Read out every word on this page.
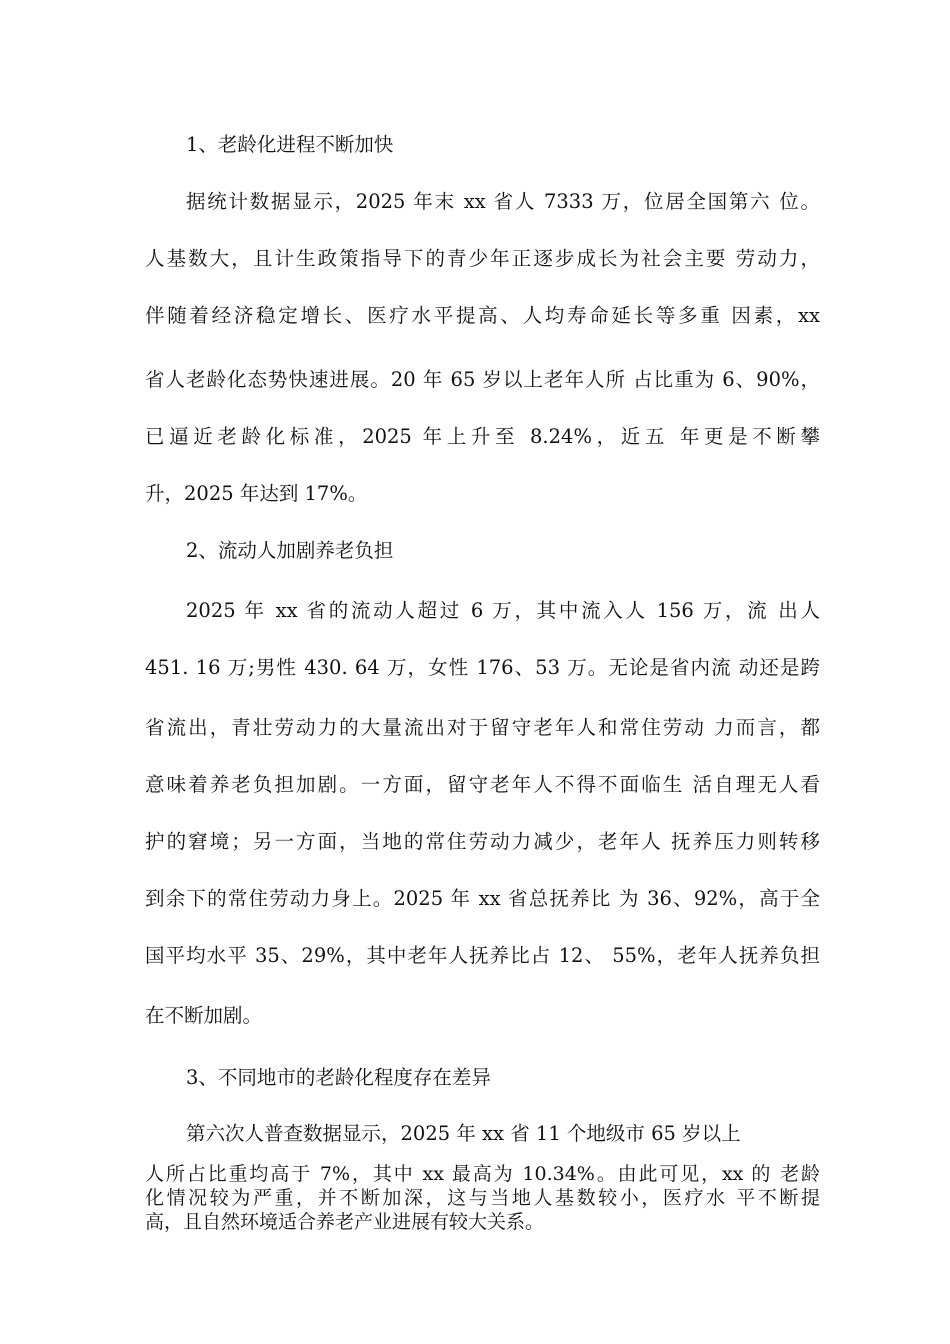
1、老龄化进程不断加快
据统计数据显示，2025 年末 xx 省人 7333 万，位居全国第六 位。
人基数大，且计生政策指导下的青少年正逐步成长为社会主要 劳动力，
伴随着经济稳定增长、医疗水平提高、人均寿命延长等多重 因素，xx
省人老龄化态势快速进展。20 年 65 岁以上老年人所 占比重为 6、90%，
已逼近老龄化标准，2025 年上升至 8.24%，近五 年更是不断攀
升，2025 年达到 17%。
2、流动人加剧养老负担
2025 年 xx 省的流动人超过 6 万，其中流入人 156 万，流 出人
451. 16 万;男性 430. 64 万，女性 176、53 万。无论是省内流 动还是跨
省流出，青壮劳动力的大量流出对于留守老年人和常住劳动 力而言，都
意味着养老负担加剧。一方面，留守老年人不得不面临生 活自理无人看
护的窘境；另一方面，当地的常住劳动力减少，老年人 抚养压力则转移
到余下的常住劳动力身上。2025 年 xx 省总抚养比 为 36、92%，高于全
国平均水平 35、29%，其中老年人抚养比占 12、 55%，老年人抚养负担
在不断加剧。
3、不同地市的老龄化程度存在差异
第六次人普查数据显示，2025 年 xx 省 11 个地级市 65 岁以上
人所占比重均高于 7%，其中 xx 最高为 10.34%。由此可见，xx 的 老龄
化情况较为严重，并不断加深，这与当地人基数较小，医疗水 平不断提
高，且自然环境适合养老产业进展有较大关系。
